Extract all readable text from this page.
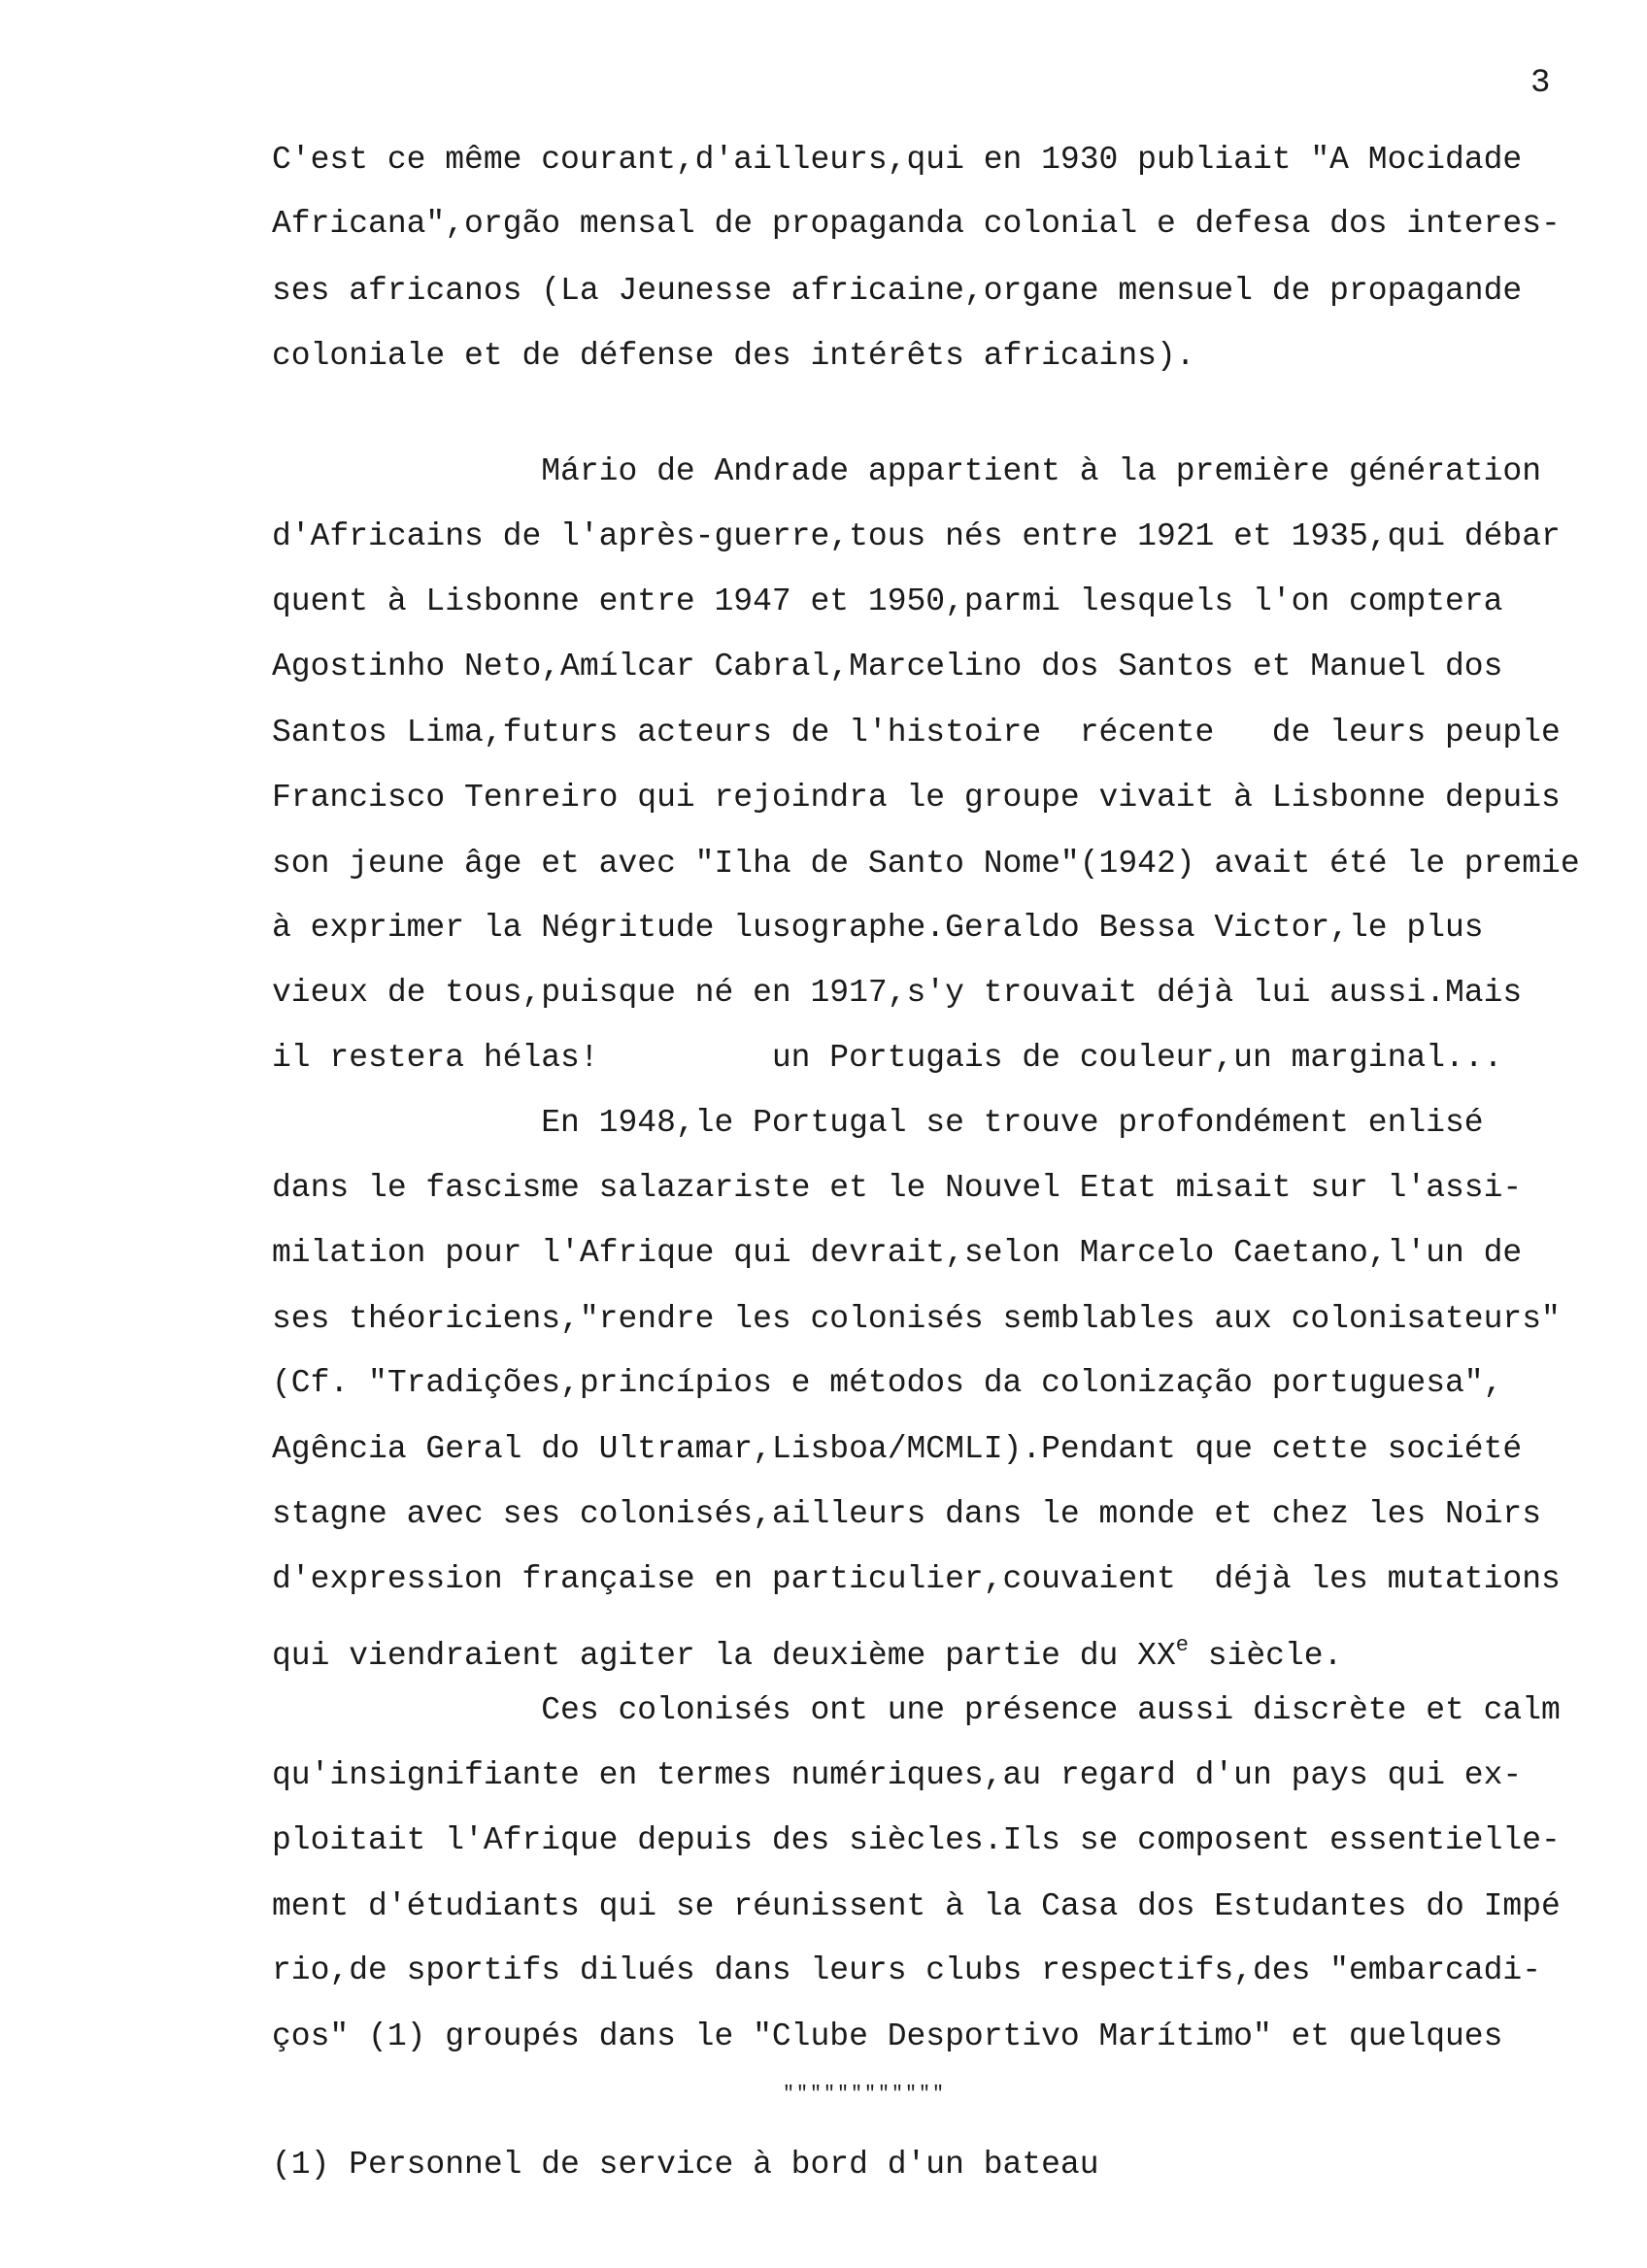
3
C'est ce même courant,d'ailleurs,qui en 1930 publiait "A Mocidade
Africana",orgão mensal de propaganda colonial e defesa dos interes-
ses africanos (La Jeunesse africaine,organe mensuel de propagande
coloniale et de défense des intérêts africains).
Mário de Andrade appartient à la première génération
d'Africains de l'après-guerre,tous nés entre 1921 et 1935,qui débar
quent à Lisbonne entre 1947 et 1950,parmi lesquels l'on comptera
Agostinho Neto,Amílcar Cabral,Marcelino dos Santos et Manuel dos
Santos Lima,futurs acteurs de l'histoire  récente   de leurs peuple
Francisco Tenreiro qui rejoindra le groupe vivait à Lisbonne depuis
son jeune âge et avec "Ilha de Santo Nome"(1942) avait été le premie
à exprimer la Négritude lusographe.Geraldo Bessa Victor,le plus
vieux de tous,puisque né en 1917,s'y trouvait déjà lui aussi.Mais
il restera hélas!         un Portugais de couleur,un marginal...
En 1948,le Portugal se trouve profondément enlisé
dans le fascisme salazariste et le Nouvel Etat misait sur l'assi-
milation pour l'Afrique qui devrait,selon Marcelo Caetano,l'un de
ses théoriciens,"rendre les colonisés semblables aux colonisateurs"
(Cf. "Tradições,princípios e métodos da colonização portuguesa",
Agência Geral do Ultramar,Lisboa/MCMLI).Pendant que cette société
stagne avec ses colonisés,ailleurs dans le monde et chez les Noirs
d'expression française en particulier,couvaient  déjà les mutations
qui viendraient agiter la deuxième partie du XXe siècle.
Ces colonisés ont une présence aussi discrète et calm
qu'insignifiante en termes numériques,au regard d'un pays qui ex-
ploitait l'Afrique depuis des siècles.Ils se composent essentielle-
ment d'étudiants qui se réunissent à la Casa dos Estudantes do Impé
rio,de sportifs dilués dans leurs clubs respectifs,des "embarcadi-
ços" (1) groupés dans le "Clube Desportivo Marítimo" et quelques
""""""""""""
(1) Personnel de service à bord d'un bateau
